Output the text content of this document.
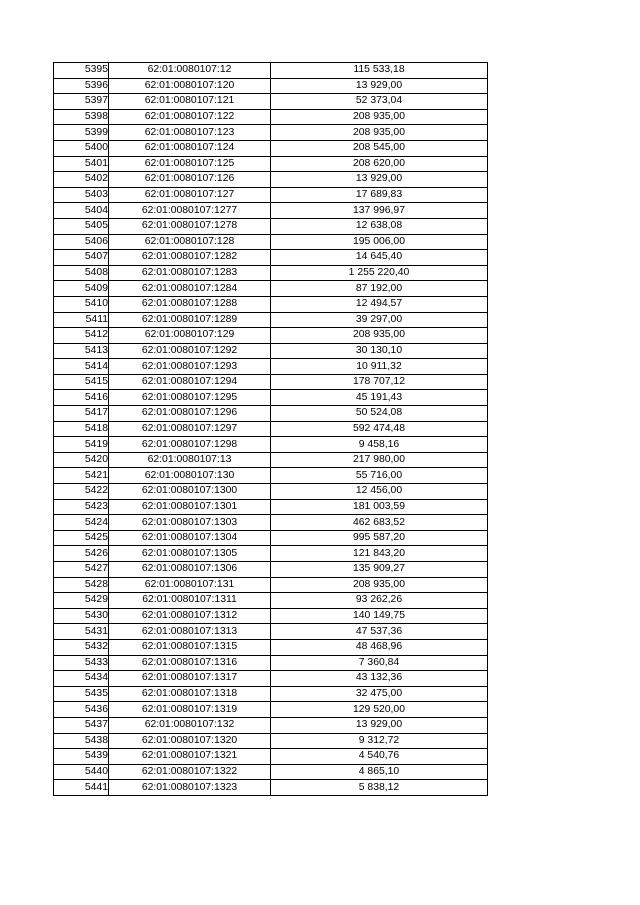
5395	62:01:0080107:12	115 533,18
5396	62:01:0080107:120	13 929,00
5397	62:01:0080107:121	52 373,04
5398	62:01:0080107:122	208 935,00
5399	62:01:0080107:123	208 935,00
5400	62:01:0080107:124	208 545,00
5401	62:01:0080107:125	208 620,00
5402	62:01:0080107:126	13 929,00
5403	62:01:0080107:127	17 689,83
5404	62:01:0080107:1277	137 996,97
5405	62:01:0080107:1278	12 638,08
5406	62:01:0080107:128	195 006,00
5407	62:01:0080107:1282	14 645,40
5408	62:01:0080107:1283	1 255 220,40
5409	62:01:0080107:1284	87 192,00
5410	62:01:0080107:1288	12 494,57
5411	62:01:0080107:1289	39 297,00
5412	62:01:0080107:129	208 935,00
5413	62:01:0080107:1292	30 130,10
5414	62:01:0080107:1293	10 911,32
5415	62:01:0080107:1294	178 707,12
5416	62:01:0080107:1295	45 191,43
5417	62:01:0080107:1296	50 524,08
5418	62:01:0080107:1297	592 474,48
5419	62:01:0080107:1298	9 458,16
5420	62:01:0080107:13	217 980,00
5421	62:01:0080107:130	55 716,00
5422	62:01:0080107:1300	12 456,00
5423	62:01:0080107:1301	181 003,59
5424	62:01:0080107:1303	462 683,52
5425	62:01:0080107:1304	995 587,20
5426	62:01:0080107:1305	121 843,20
5427	62:01:0080107:1306	135 909,27
5428	62:01:0080107:131	208 935,00
5429	62:01:0080107:1311	93 262,26
5430	62:01:0080107:1312	140 149,75
5431	62:01:0080107:1313	47 537,36
5432	62:01:0080107:1315	48 468,96
5433	62:01:0080107:1316	7 360,84
5434	62:01:0080107:1317	43 132,36
5435	62:01:0080107:1318	32 475,00
5436	62:01:0080107:1319	129 520,00
5437	62:01:0080107:132	13 929,00
5438	62:01:0080107:1320	9 312,72
5439	62:01:0080107:1321	4 540,76
5440	62:01:0080107:1322	4 865,10
5441	62:01:0080107:1323	5 838,12
